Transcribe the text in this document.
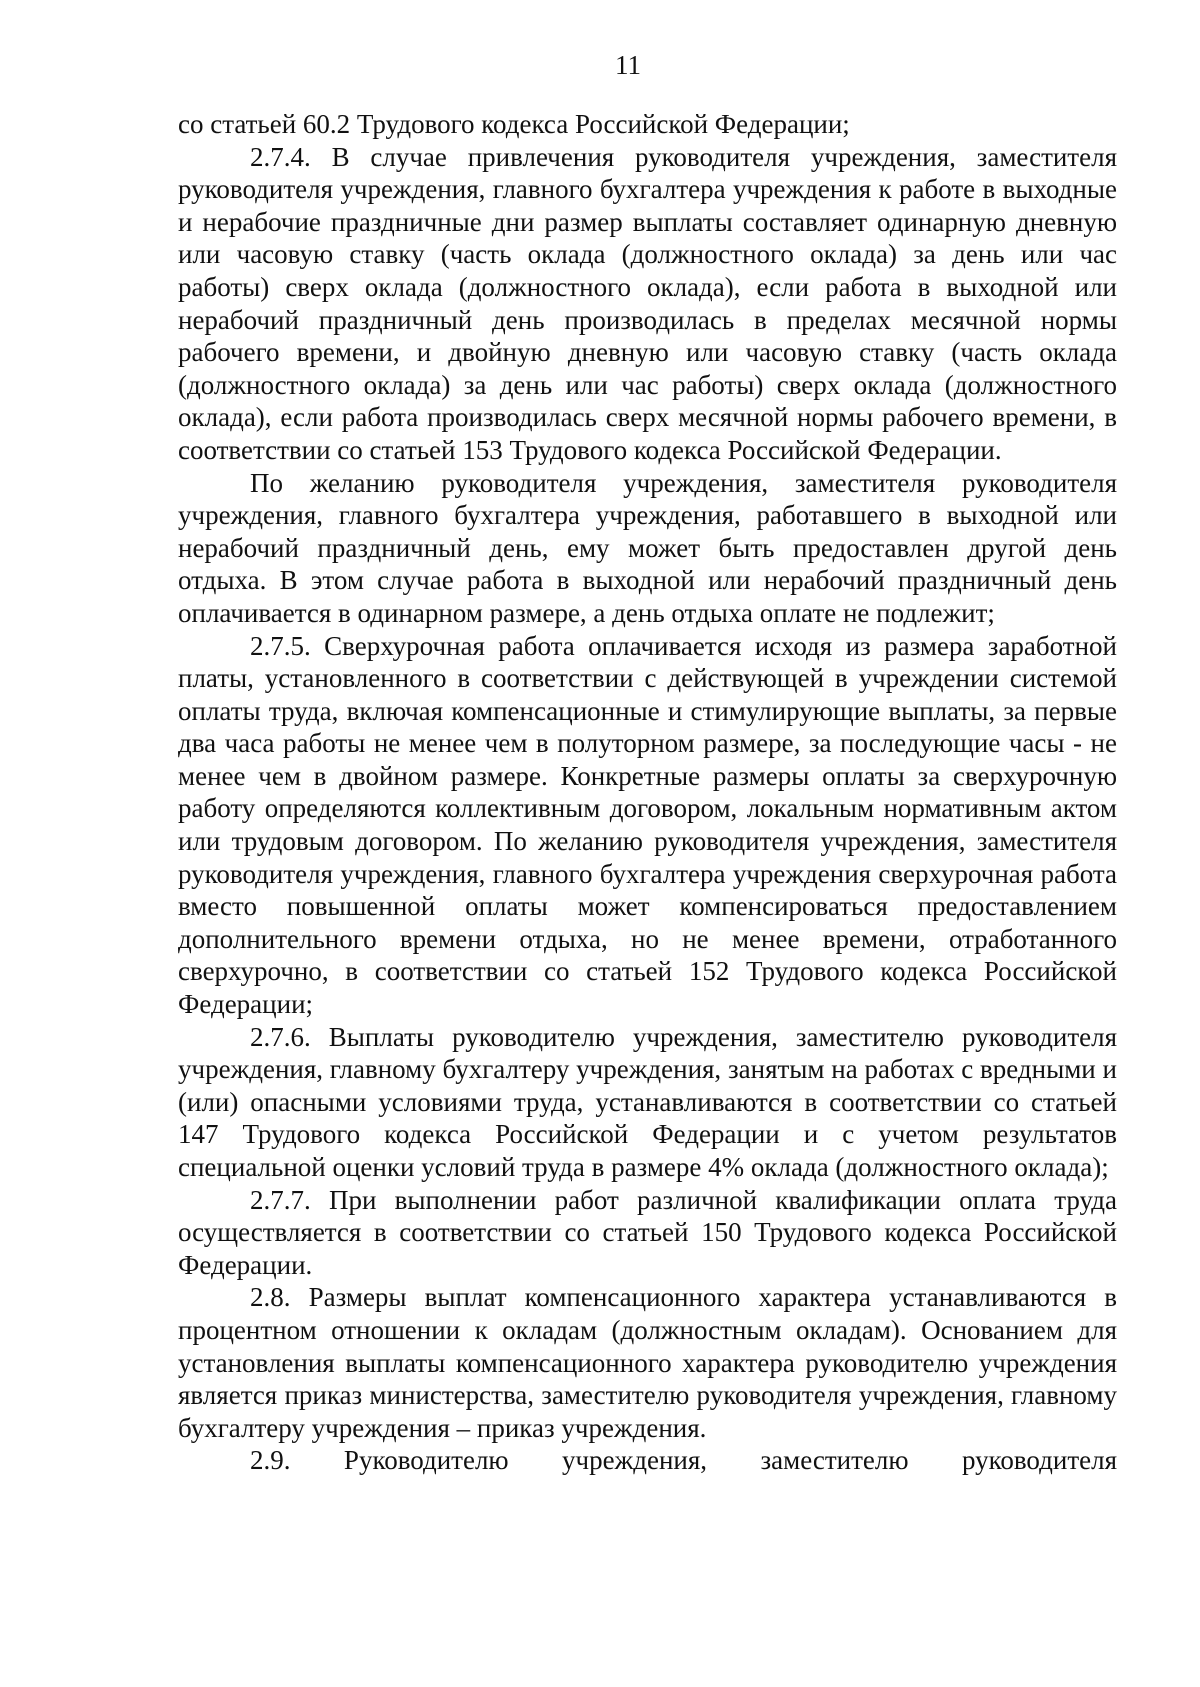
11

со статьей 60.2 Трудового кодекса Российской Федерации;

2.7.4. В случае привлечения руководителя учреждения, заместителя руководителя учреждения, главного бухгалтера учреждения к работе в выходные и нерабочие праздничные дни размер выплаты составляет одинарную дневную или часовую ставку (часть оклада (должностного оклада) за день или час работы) сверх оклада (должностного оклада), если работа в выходной или нерабочий праздничный день производилась в пределах месячной нормы рабочего времени, и двойную дневную или часовую ставку (часть оклада (должностного оклада) за день или час работы) сверх оклада (должностного оклада), если работа производилась сверх месячной нормы рабочего времени, в соответствии со статьей 153 Трудового кодекса Российской Федерации.

По желанию руководителя учреждения, заместителя руководителя учреждения, главного бухгалтера учреждения, работавшего в выходной или нерабочий праздничный день, ему может быть предоставлен другой день отдыха. В этом случае работа в выходной или нерабочий праздничный день оплачивается в одинарном размере, а день отдыха оплате не подлежит;

2.7.5. Сверхурочная работа оплачивается исходя из размера заработной платы, установленного в соответствии с действующей в учреждении системой оплаты труда, включая компенсационные и стимулирующие выплаты, за первые два часа работы не менее чем в полуторном размере, за последующие часы - не менее чем в двойном размере. Конкретные размеры оплаты за сверхурочную работу определяются коллективным договором, локальным нормативным актом или трудовым договором. По желанию руководителя учреждения, заместителя руководителя учреждения, главного бухгалтера учреждения сверхурочная работа вместо повышенной оплаты может компенсироваться предоставлением дополнительного времени отдыха, но не менее времени, отработанного сверхурочно, в соответствии со статьей 152 Трудового кодекса Российской Федерации;

2.7.6. Выплаты руководителю учреждения, заместителю руководителя учреждения, главному бухгалтеру учреждения, занятым на работах с вредными и (или) опасными условиями труда, устанавливаются в соответствии со статьей 147 Трудового кодекса Российской Федерации и с учетом результатов специальной оценки условий труда в размере 4% оклада (должностного оклада);

2.7.7. При выполнении работ различной квалификации оплата труда осуществляется в соответствии со статьей 150 Трудового кодекса Российской Федерации.

2.8. Размеры выплат компенсационного характера устанавливаются в процентном отношении к окладам (должностным окладам). Основанием для установления выплаты компенсационного характера руководителю учреждения является приказ министерства, заместителю руководителя учреждения, главному бухгалтеру учреждения – приказ учреждения.

2.9. Руководителю учреждения, заместителю руководителя
